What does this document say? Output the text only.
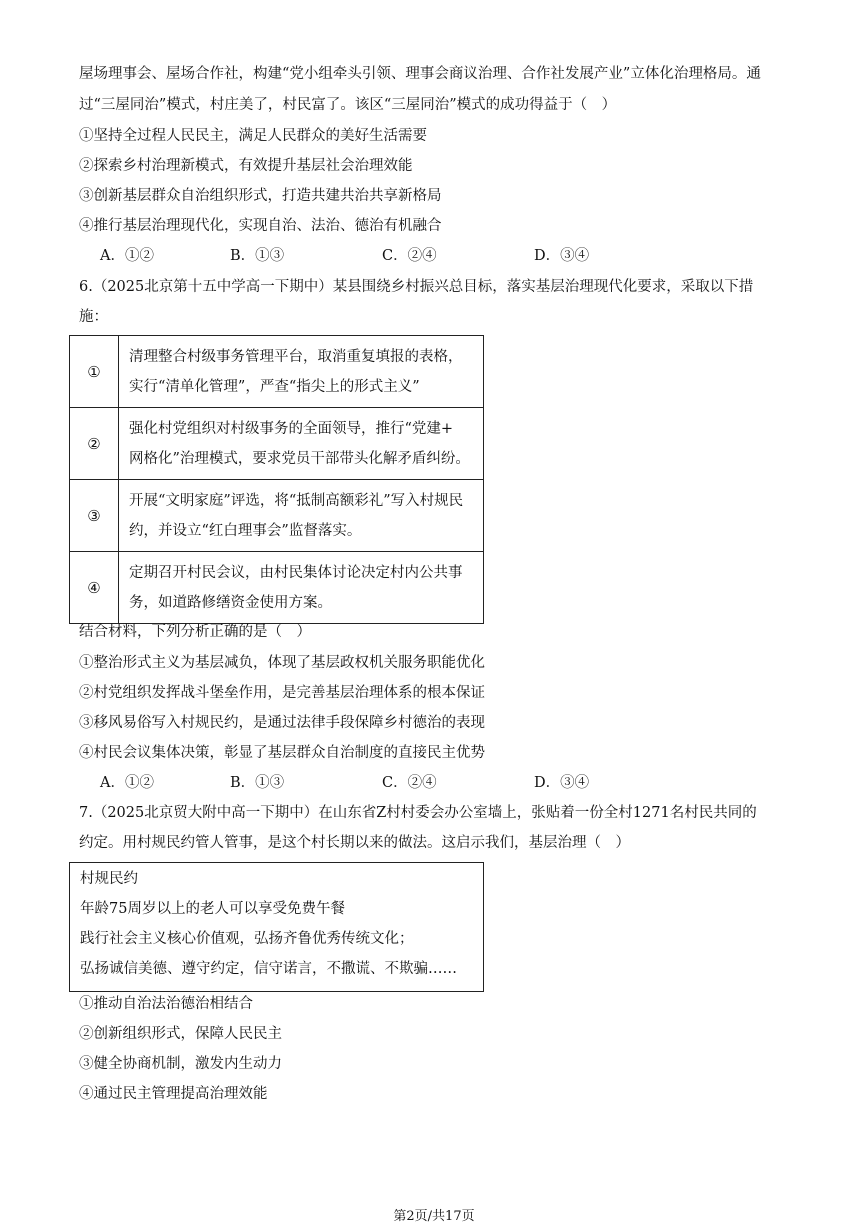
屋场理事会、屋场合作社，构建“党小组牵头引领、理事会商议治理、合作社发展产业”立体化治理格局。通
过“三屋同治”模式，村庄美了，村民富了。该区“三屋同治”模式的成功得益于（　）
①坚持全过程人民民主，满足人民群众的美好生活需要
②探索乡村治理新模式，有效提升基层社会治理效能
③创新基层群众自治组织形式，打造共建共治共享新格局
④推行基层治理现代化，实现自治、法治、德治有机融合
A．①②	B．①③	C．②④	D．③④
6.（2025北京第十五中学高一下期中）某县围绕乡村振兴总目标，落实基层治理现代化要求，采取以下措
施：
①	清理整合村级事务管理平台，取消重复填报的表格，
实行“清单化管理”，严查“指尖上的形式主义”
②	强化村党组织对村级事务的全面领导，推行“党建+
网格化”治理模式，要求党员干部带头化解矛盾纠纷。
③	开展“文明家庭”评选，将“抵制高额彩礼”写入村规民
约，并设立“红白理事会”监督落实。
④	定期召开村民会议，由村民集体讨论决定村内公共事
务，如道路修缮资金使用方案。
结合材料，下列分析正确的是（　）
①整治形式主义为基层减负，体现了基层政权机关服务职能优化
②村党组织发挥战斗堡垒作用，是完善基层治理体系的根本保证
③移风易俗写入村规民约，是通过法律手段保障乡村德治的表现
④村民会议集体决策，彰显了基层群众自治制度的直接民主优势
A．①②	B．①③	C．②④	D．③④
7.（2025北京贸大附中高一下期中）在山东省Z村村委会办公室墙上，张贴着一份全村1271名村民共同的
约定。用村规民约管人管事，是这个村长期以来的做法。这启示我们，基层治理（　）
村规民约
年龄75周岁以上的老人可以享受免费午餐
践行社会主义核心价值观，弘扬齐鲁优秀传统文化；
弘扬诚信美德、遵守约定，信守诺言，不撒谎、不欺骗……
①推动自治法治德治相结合
②创新组织形式，保障人民民主
③健全协商机制，激发内生动力
④通过民主管理提高治理效能
第2页/共17页
